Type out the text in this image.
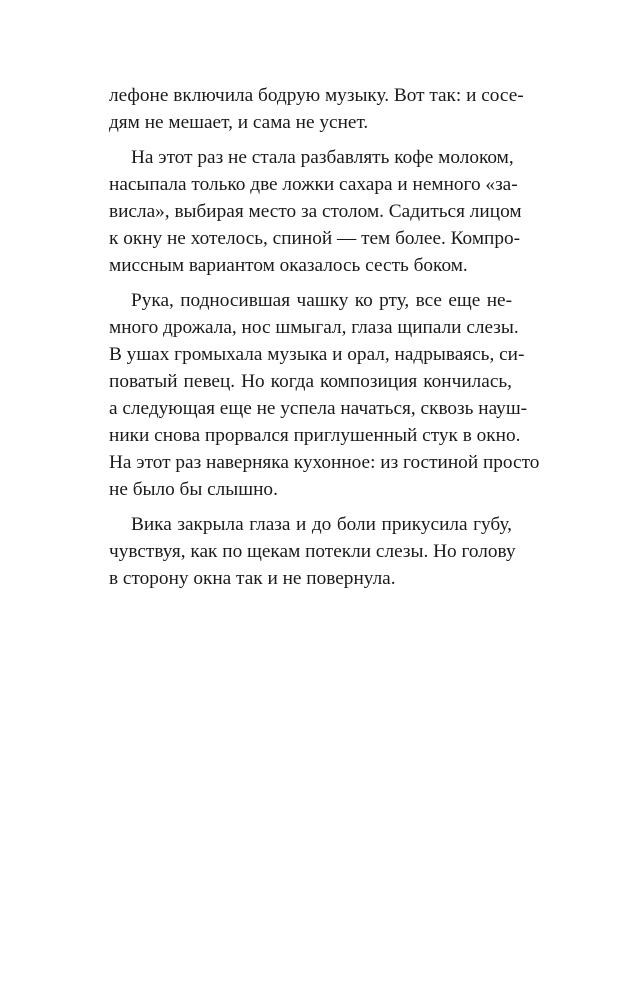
лефоне включила бодрую музыку. Вот так: и сосе-
дям не мешает, и сама не уснет.
На этот раз не стала разбавлять кофе молоком,
насыпала только две ложки сахара и немного «за-
висла», выбирая место за столом. Садиться лицом
к окну не хотелось, спиной — тем более. Компро-
миссным вариантом оказалось сесть боком.
Рука, подносившая чашку ко рту, все еще не-
много дрожала, нос шмыгал, глаза щипали слезы.
В ушах громыхала музыка и орал, надрываясь, си-
поватый певец. Но когда композиция кончилась,
а следующая еще не успела начаться, сквозь науш-
ники снова прорвался приглушенный стук в окно.
На этот раз наверняка кухонное: из гостиной просто
не было бы слышно.
Вика закрыла глаза и до боли прикусила губу,
чувствуя, как по щекам потекли слезы. Но голову
в сторону окна так и не повернула.
